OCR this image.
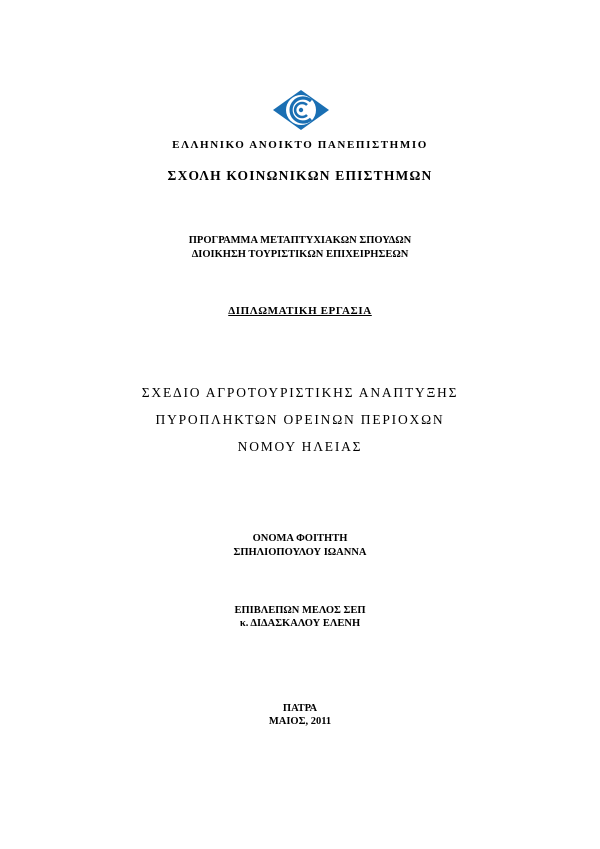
ΕΛΛΗΝΙΚΟ ΑΝΟΙΚΤΟ ΠΑΝΕΠΙΣΤΗΜΙΟ
ΣΧΟΛΗ ΚΟΙΝΩΝΙΚΩΝ ΕΠΙΣΤΗΜΩΝ
ΠΡΟΓΡΑΜΜΑ ΜΕΤΑΠΤΥΧΙΑΚΩΝ ΣΠΟΥΔΩΝ
ΔΙΟΙΚΗΣΗ ΤΟΥΡΙΣΤΙΚΩΝ ΕΠΙΧΕΙΡΗΣΕΩΝ
ΔΙΠΛΩΜΑΤΙΚΗ ΕΡΓΑΣΙΑ
ΣΧΕΔΙΟ ΑΓΡΟΤΟΥΡΙΣΤΙΚΗΣ ΑΝΑΠΤΥΞΗΣ
ΠΥΡΟΠΛΗΚΤΩΝ ΟΡΕΙΝΩΝ ΠΕΡΙΟΧΩΝ
ΝΟΜΟΥ ΗΛΕΙΑΣ
ΟΝΟΜΑ ΦΟΙΤΗΤΗ
ΣΠΗΛΙΟΠΟΥΛΟΥ ΙΩΑΝΝΑ
ΕΠΙΒΛΕΠΩΝ ΜΕΛΟΣ ΣΕΠ
κ. ΔΙΔΑΣΚΑΛΟΥ ΕΛΕΝΗ
ΠΑΤΡΑ
ΜΑΙΟΣ, 2011
